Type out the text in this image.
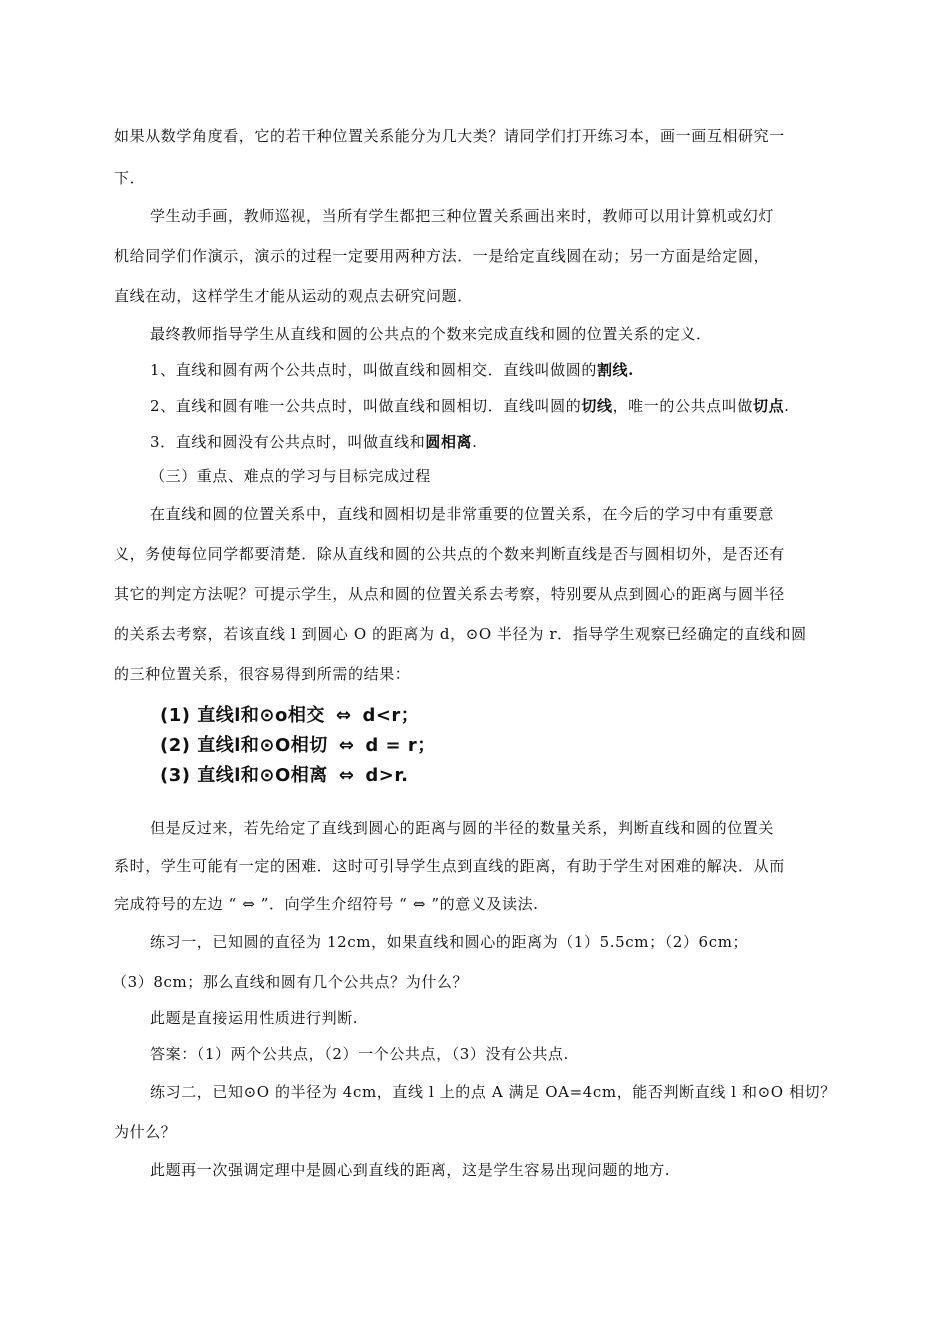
如果从数学角度看，它的若干种位置关系能分为几大类？请同学们打开练习本，画一画互相研究一
下．
学生动手画，教师巡视，当所有学生都把三种位置关系画出来时，教师可以用计算机或幻灯
机给同学们作演示，演示的过程一定要用两种方法．一是给定直线圆在动；另一方面是给定圆，
直线在动，这样学生才能从运动的观点去研究问题．
最终教师指导学生从直线和圆的公共点的个数来完成直线和圆的位置关系的定义．
1、直线和圆有两个公共点时，叫做直线和圆相交．直线叫做圆的割线.
2、直线和圆有唯一公共点时，叫做直线和圆相切．直线叫圆的切线，唯一的公共点叫做切点.
3．直线和圆没有公共点时，叫做直线和圆相离.
（三）重点、难点的学习与目标完成过程
在直线和圆的位置关系中，直线和圆相切是非常重要的位置关系，在今后的学习中有重要意
义，务使每位同学都要清楚．除从直线和圆的公共点的个数来判断直线是否与圆相切外，是否还有
其它的判定方法呢？可提示学生，从点和圆的位置关系去考察，特别要从点到圆心的距离与圆半径
的关系去考察，若该直线 l 到圆心 O 的距离为 d，⊙O 半径为 r．指导学生观察已经确定的直线和圆
的三种位置关系，很容易得到所需的结果：
(1) 直线l和⊙o相交 ⇔ d<r；
(2) 直线l和⊙O相切 ⇔ d = r；
(3) 直线l和⊙O相离 ⇔ d>r.
但是反过来，若先给定了直线到圆心的距离与圆的半径的数量关系，判断直线和圆的位置关
系时，学生可能有一定的困难．这时可引导学生点到直线的距离，有助于学生对困难的解决．从而
完成符号的左边 “ ⇔ ”．向学生介绍符号 “ ⇔ ”的意义及读法.
练习一，已知圆的直径为 12cm，如果直线和圆心的距离为（1）5.5cm；（2）6cm；
（3）8cm；那么直线和圆有几个公共点？为什么？
此题是直接运用性质进行判断.
答案：（1）两个公共点，（2）一个公共点，（3）没有公共点.
练习二，已知⊙O 的半径为 4cm，直线 l 上的点 A 满足 OA=4cm，能否判断直线 l 和⊙O 相切？
为什么？
此题再一次强调定理中是圆心到直线的距离，这是学生容易出现问题的地方.
